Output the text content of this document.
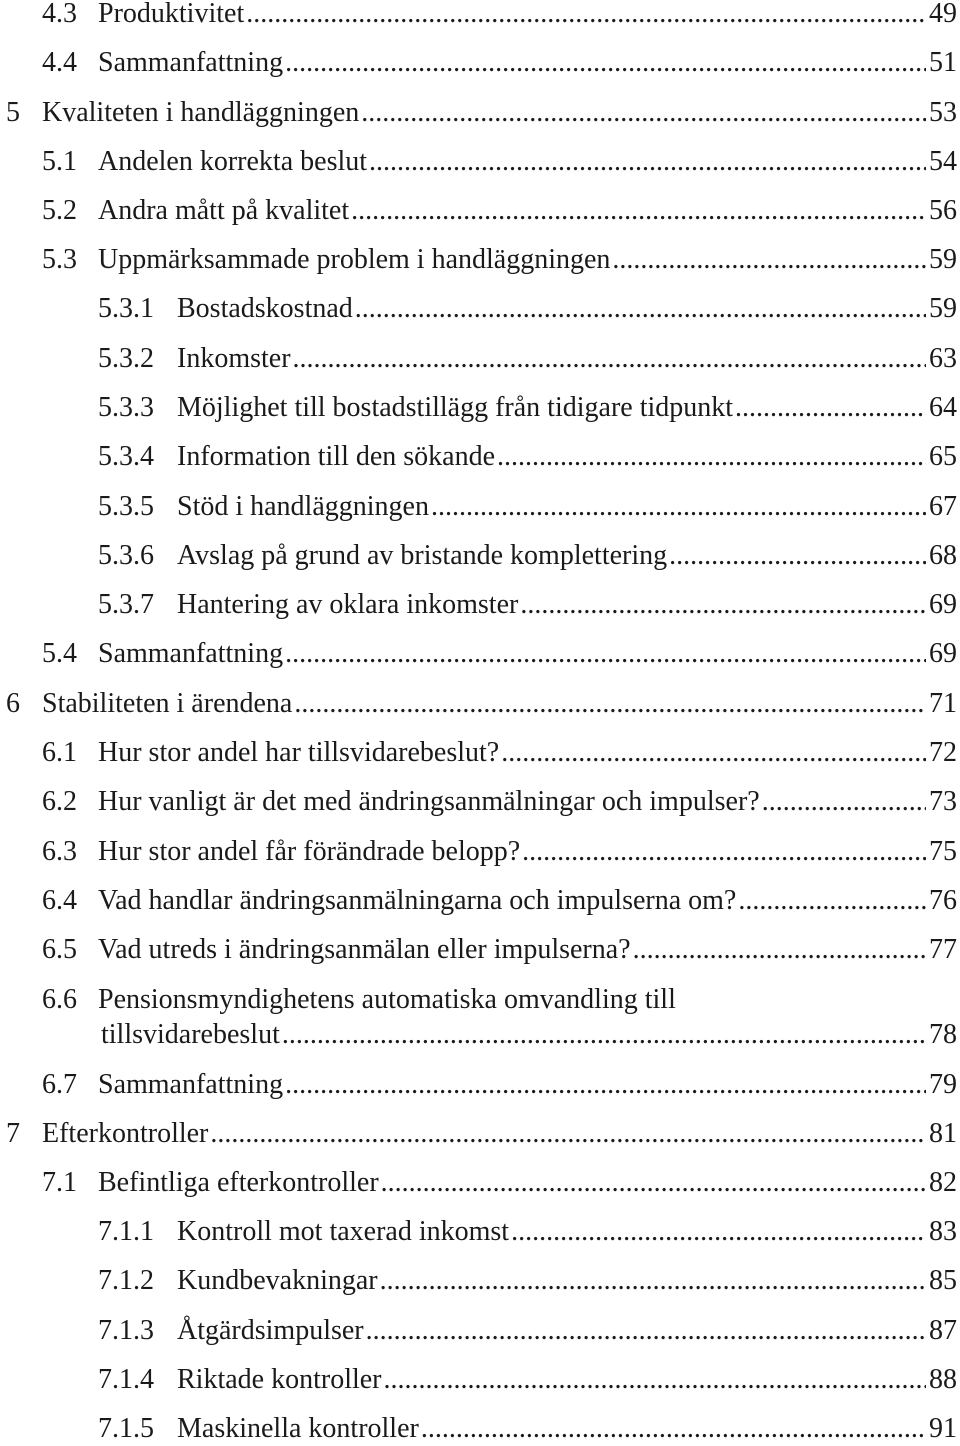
4.3 Produktivitet .....	49
4.4 Sammanfattning .....	51
5 Kvaliteten i handläggningen .....	53
5.1 Andelen korrekta beslut .....	54
5.2 Andra mått på kvalitet .....	56
5.3 Uppmärksammade problem i handläggningen .....	59
5.3.1 Bostadskostnad .....	59
5.3.2 Inkomster .....	63
5.3.3 Möjlighet till bostadstillägg från tidigare tidpunkt .....	64
5.3.4 Information till den sökande .....	65
5.3.5 Stöd i handläggningen .....	67
5.3.6 Avslag på grund av bristande komplettering .....	68
5.3.7 Hantering av oklara inkomster .....	69
5.4 Sammanfattning .....	69
6 Stabiliteten i ärendena .....	71
6.1 Hur stor andel har tillsvidarebeslut? .....	72
6.2 Hur vanligt är det med ändringsanmälningar och impulser? .....	73
6.3 Hur stor andel får förändrade belopp? .....	75
6.4 Vad handlar ändringsanmälningarna och impulserna om? .....	76
6.5 Vad utreds i ändringsanmälan eller impulserna? .....	77
6.6 Pensionsmyndighetens automatiska omvandling till
tillsvidarebeslut .....	78
6.7 Sammanfattning .....	79
7 Efterkontroller .....	81
7.1 Befintliga efterkontroller .....	82
7.1.1 Kontroll mot taxerad inkomst .....	83
7.1.2 Kundbevakningar .....	85
7.1.3 Åtgärdsimpulser .....	87
7.1.4 Riktade kontroller .....	88
7.1.5 Maskinella kontroller .....	91
